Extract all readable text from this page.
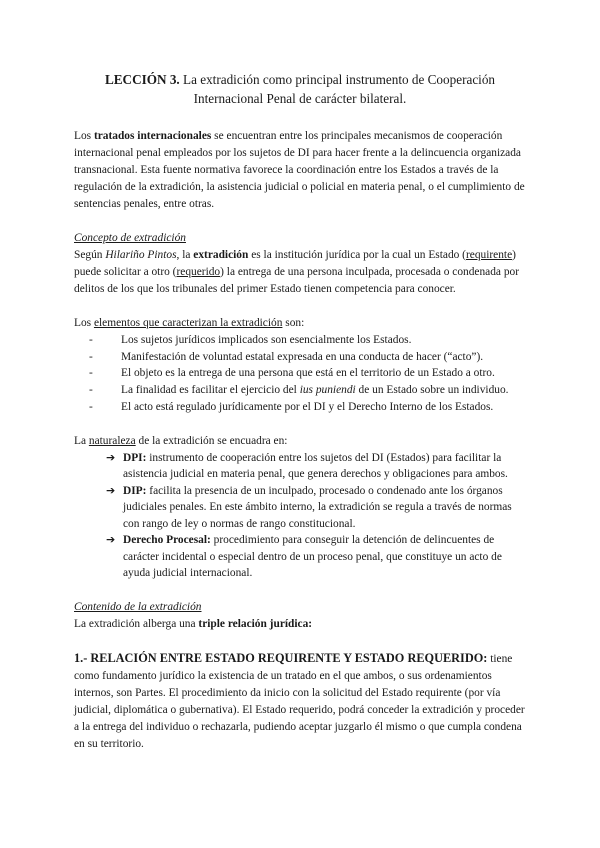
LECCIÓN 3. La extradición como principal instrumento de Cooperación
Internacional Penal de carácter bilateral.

Los tratados internacionales se encuentran entre los principales mecanismos de cooperación internacional penal empleados por los sujetos de DI para hacer frente a la delincuencia organizada transnacional. Esta fuente normativa favorece la coordinación entre los Estados a través de la regulación de la extradición, la asistencia judicial o policial en materia penal, o el cumplimiento de sentencias penales, entre otras.

Concepto de extradición

Según Hilariño Pintos, la extradición es la institución jurídica por la cual un Estado (requirente) puede solicitar a otro (requerido) la entrega de una persona inculpada, procesada o condenada por delitos de los que los tribunales del primer Estado tienen competencia para conocer.

Los elementos que caracterizan la extradición son:

- Los sujetos jurídicos implicados son esencialmente los Estados.
- Manifestación de voluntad estatal expresada en una conducta de hacer (“acto”).
- El objeto es la entrega de una persona que está en el territorio de un Estado a otro.
- La finalidad es facilitar el ejercicio del ius puniendi de un Estado sobre un individuo.
- El acto está regulado jurídicamente por el DI y el Derecho Interno de los Estados.

La naturaleza de la extradición se encuadra en:

➔ DPI: instrumento de cooperación entre los sujetos del DI (Estados) para facilitar la asistencia judicial en materia penal, que genera derechos y obligaciones para ambos.
➔ DIP: facilita la presencia de un inculpado, procesado o condenado ante los órganos judiciales penales. En este ámbito interno, la extradición se regula a través de normas con rango de ley o normas de rango constitucional.
➔ Derecho Procesal: procedimiento para conseguir la detención de delincuentes de carácter incidental o especial dentro de un proceso penal, que constituye un acto de ayuda judicial internacional.

Contenido de la extradición

La extradición alberga una triple relación jurídica:

1.- RELACIÓN ENTRE ESTADO REQUIRENTE Y ESTADO REQUERIDO: tiene como fundamento jurídico la existencia de un tratado en el que ambos, o sus ordenamientos internos, son Partes. El procedimiento da inicio con la solicitud del Estado requirente (por vía judicial, diplomática o gubernativa). El Estado requerido, podrá conceder la extradición y proceder a la entrega del individuo o rechazarla, pudiendo aceptar juzgarlo él mismo o que cumpla condena en su territorio.
